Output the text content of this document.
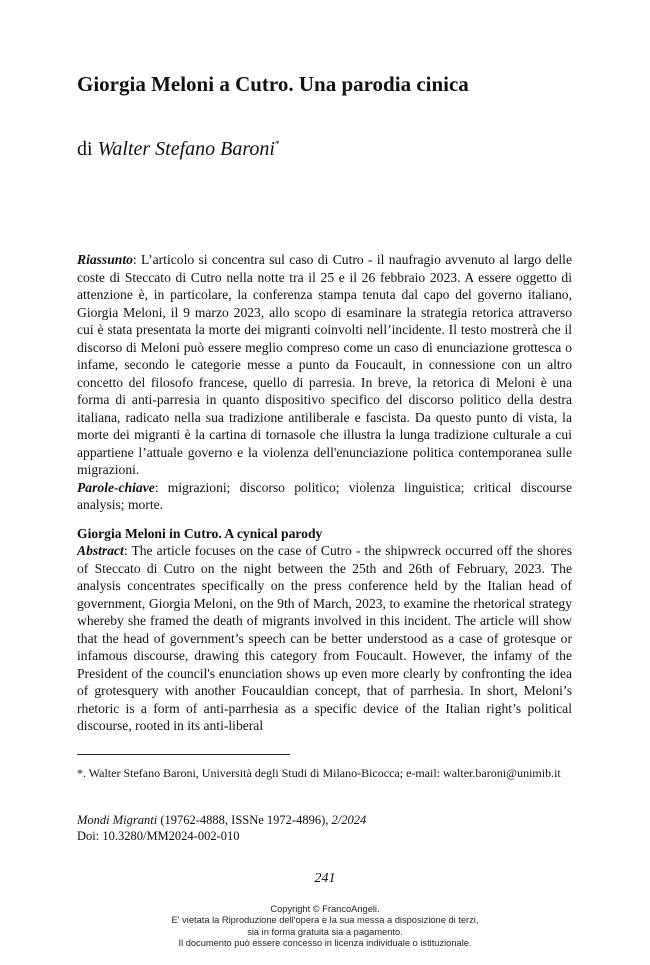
Giorgia Meloni a Cutro. Una parodia cinica

di Walter Stefano Baroni*

Riassunto: L’articolo si concentra sul caso di Cutro - il naufragio avvenuto al largo delle coste di Steccato di Cutro nella notte tra il 25 e il 26 febbraio 2023. A essere oggetto di attenzione è, in particolare, la conferenza stampa tenuta dal capo del governo italiano, Giorgia Meloni, il 9 marzo 2023, allo scopo di esaminare la strategia retorica attraverso cui è stata presentata la morte dei migranti coinvolti nell’incidente. Il testo mostrerà che il discorso di Meloni può essere meglio compreso come un caso di enunciazione grottesca o infame, secondo le categorie messe a punto da Foucault, in connessione con un altro concetto del filosofo francese, quello di parresia. In breve, la retorica di Meloni è una forma di anti-parresia in quanto dispositivo specifico del discorso politico della destra italiana, radicato nella sua tradizione antiliberale e fascista. Da questo punto di vista, la morte dei migranti è la cartina di tornasole che illustra la lunga tradizione culturale a cui appartiene l’attuale governo e la violenza dell'enunciazione politica contemporanea sulle migrazioni.
Parole-chiave: migrazioni; discorso politico; violenza linguistica; critical discourse analysis; morte.

Giorgia Meloni in Cutro. A cynical parody

Abstract: The article focuses on the case of Cutro - the shipwreck occurred off the shores of Steccato di Cutro on the night between the 25th and 26th of February, 2023. The analysis concentrates specifically on the press conference held by the Italian head of government, Giorgia Meloni, on the 9th of March, 2023, to examine the rhetorical strategy whereby she framed the death of migrants involved in this incident. The article will show that the head of government’s speech can be better understood as a case of grotesque or infamous discourse, drawing this category from Foucault. However, the infamy of the President of the council's enunciation shows up even more clearly by confronting the idea of grotesquery with another Foucauldian concept, that of parrhesia. In short, Meloni’s rhetoric is a form of anti-parrhesia as a specific device of the Italian right’s political discourse, rooted in its anti-liberal

*. Walter Stefano Baroni, Università degli Studi di Milano-Bicocca; e-mail: walter.baroni@unimib.it

Mondi Migranti (19762-4888, ISSNe 1972-4896), 2/2024
Doi: 10.3280/MM2024-002-010

241

Copyright © FrancoAngeli.
E' vietata la Riproduzione dell'opera e la sua messa a disposizione di terzi,
sia in forma gratuita sia a pagamento.
Il documento può essere concesso in licenza individuale o istituzionale.
